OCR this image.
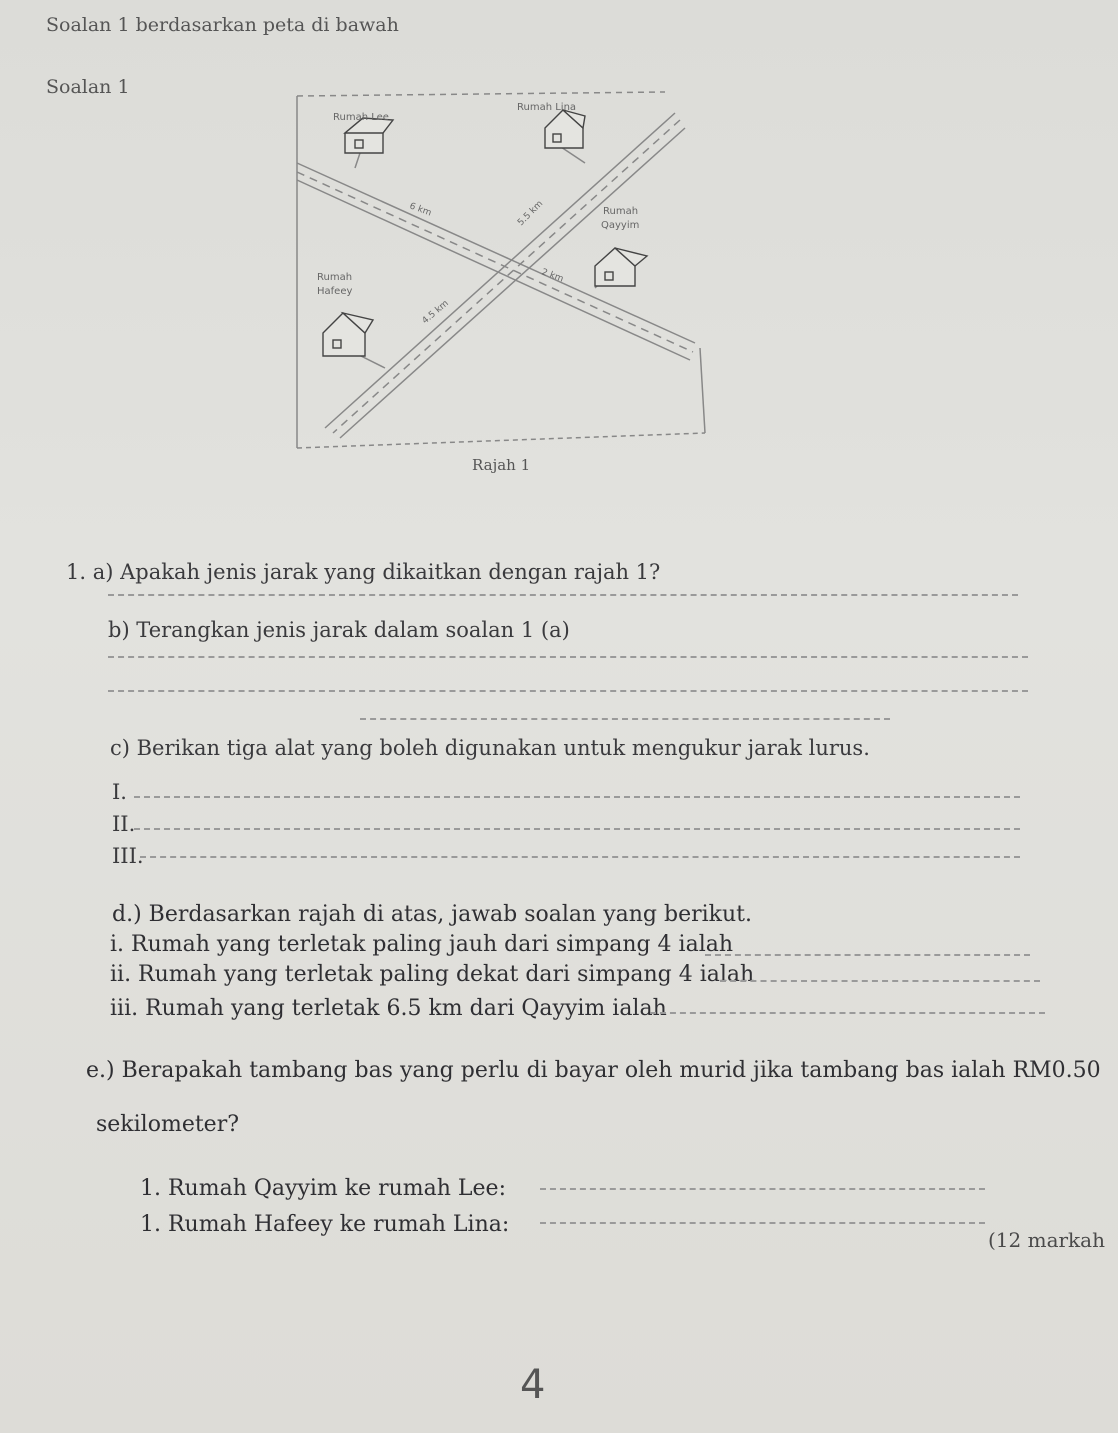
Soalan 1 berdasarkan peta di bawah
Soalan 1
Rumah Lee
Rumah Lina
Rumah
Qayyim
Rumah
Hafeey
6 km	5.5 km
2 km
4.5 km
Rajah 1
1. a) Apakah jenis jarak yang dikaitkan dengan rajah 1?
b) Terangkan jenis jarak dalam soalan 1 (a)
c) Berikan tiga alat yang boleh digunakan untuk mengukur jarak lurus.
I.
II.
III.
d.) Berdasarkan rajah di atas, jawab soalan yang berikut.
i. Rumah yang terletak paling jauh dari simpang 4 ialah
ii. Rumah yang terletak paling dekat dari simpang 4 ialah
iii. Rumah yang terletak 6.5 km dari Qayyim ialah
e.) Berapakah tambang bas yang perlu di bayar oleh murid jika tambang bas ialah RM0.50
sekilometer?
1. Rumah Qayyim ke rumah Lee:
1. Rumah Hafeey ke rumah Lina:
(12 markah
4
